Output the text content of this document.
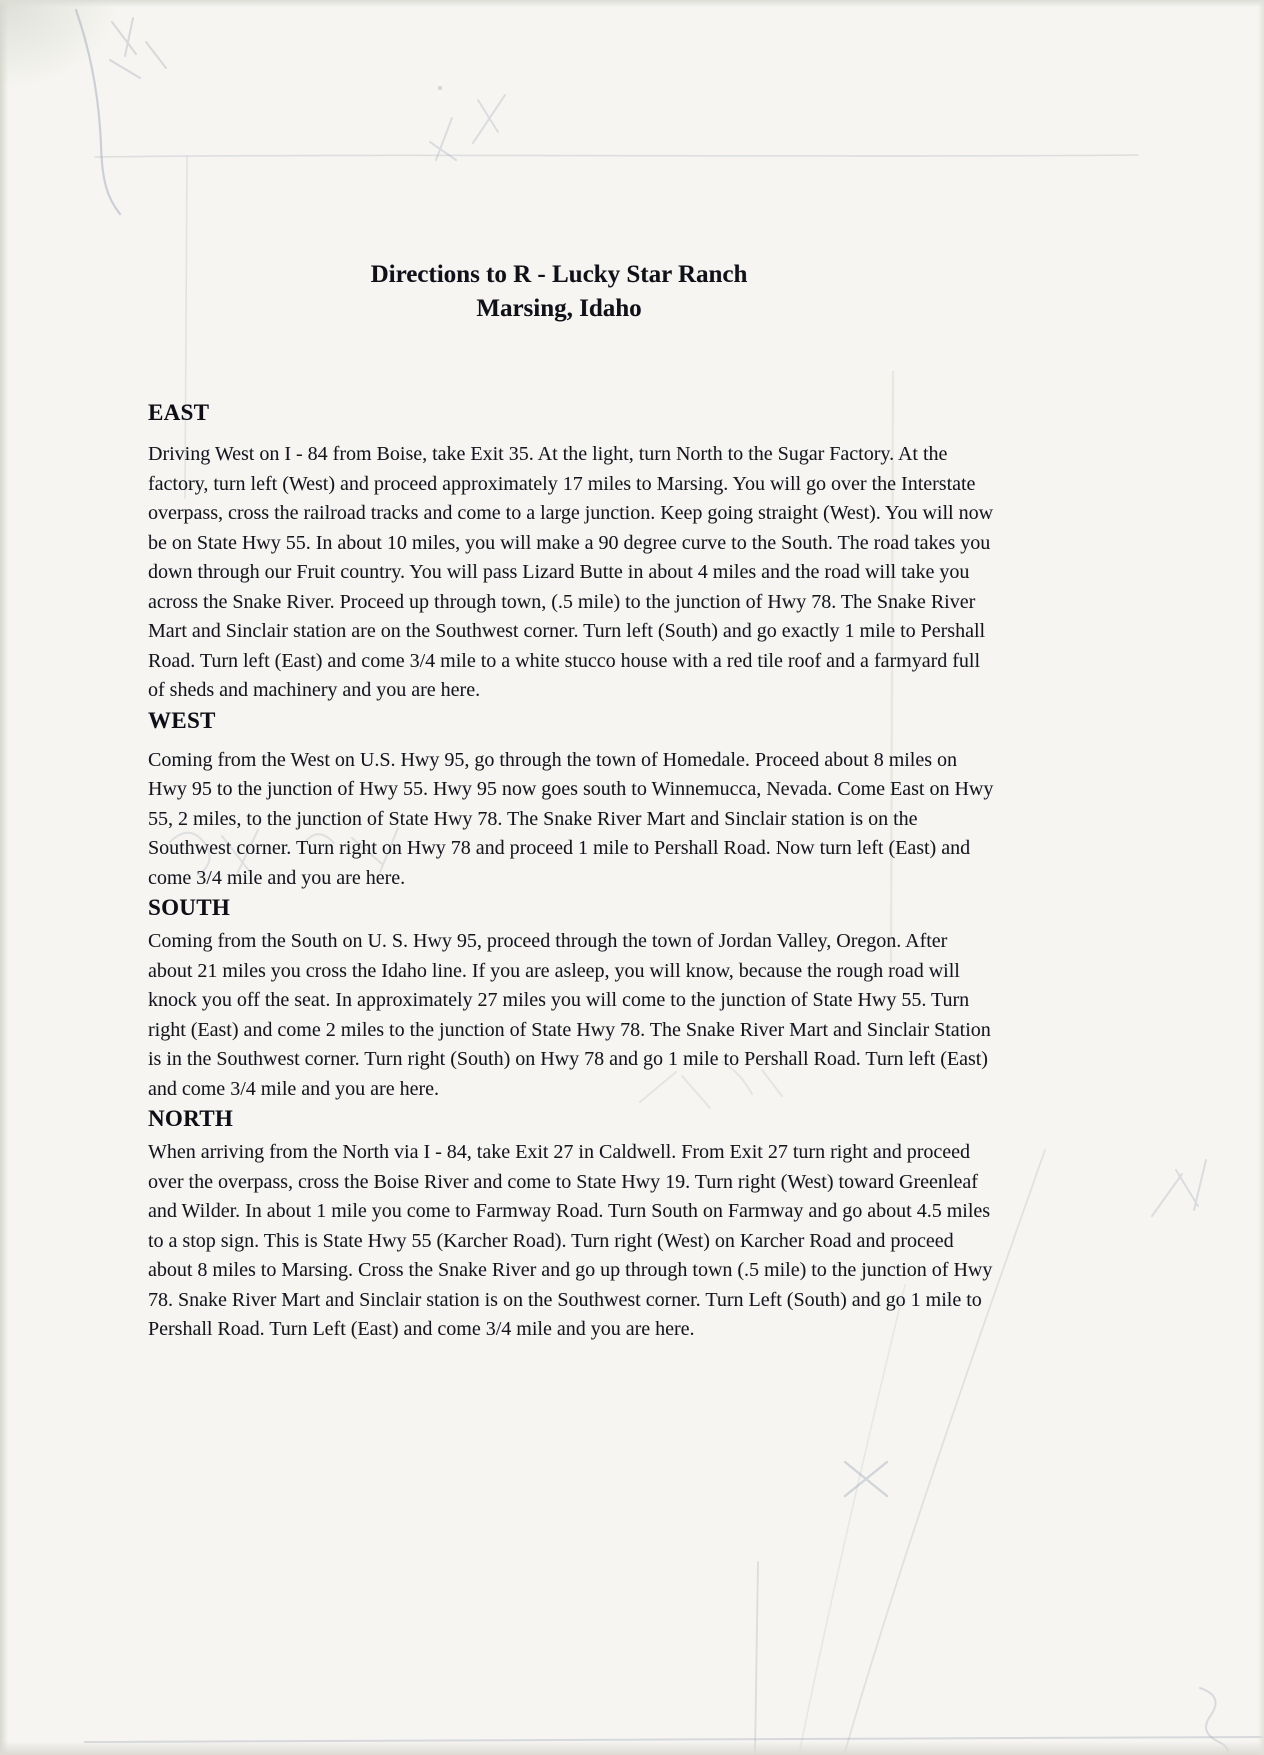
Directions to R - Lucky Star Ranch
Marsing, Idaho
EAST

Driving West on I - 84 from Boise, take Exit 35. At the light, turn North to the Sugar Factory. At the factory, turn left (West) and proceed approximately 17 miles to Marsing. You will go over the Interstate overpass, cross the railroad tracks and come to a large junction. Keep going straight (West). You will now be on State Hwy 55. In about 10 miles, you will make a 90 degree curve to the South. The road takes you down through our Fruit country. You will pass Lizard Butte in about 4 miles and the road will take you across the Snake River. Proceed up through town, (.5 mile) to the junction of Hwy 78. The Snake River Mart and Sinclair station are on the Southwest corner. Turn left (South) and go exactly 1 mile to Pershall Road. Turn left (East) and come 3/4 mile to a white stucco house with a red tile roof and a farmyard full of sheds and machinery and you are here.

WEST

Coming from the West on U.S. Hwy 95, go through the town of Homedale. Proceed about 8 miles on Hwy 95 to the junction of Hwy 55. Hwy 95 now goes south to Winnemucca, Nevada. Come East on Hwy 55, 2 miles, to the junction of State Hwy 78. The Snake River Mart and Sinclair station is on the Southwest corner. Turn right on Hwy 78 and proceed 1 mile to Pershall Road. Now turn left (East) and come 3/4 mile and you are here.

SOUTH

Coming from the South on U. S. Hwy 95, proceed through the town of Jordan Valley, Oregon. After about 21 miles you cross the Idaho line. If you are asleep, you will know, because the rough road will knock you off the seat. In approximately 27 miles you will come to the junction of State Hwy 55. Turn right (East) and come 2 miles to the junction of State Hwy 78. The Snake River Mart and Sinclair Station is in the Southwest corner. Turn right (South) on Hwy 78 and go 1 mile to Pershall Road. Turn left (East) and come 3/4 mile and you are here.

NORTH

When arriving from the North via I - 84, take Exit 27 in Caldwell. From Exit 27 turn right and proceed over the overpass, cross the Boise River and come to State Hwy 19. Turn right (West) toward Greenleaf and Wilder. In about 1 mile you come to Farmway Road. Turn South on Farmway and go about 4.5 miles to a stop sign. This is State Hwy 55 (Karcher Road). Turn right (West) on Karcher Road and proceed about 8 miles to Marsing. Cross the Snake River and go up through town (.5 mile) to the junction of Hwy 78. Snake River Mart and Sinclair station is on the Southwest corner. Turn Left (South) and go 1 mile to Pershall Road. Turn Left (East) and come 3/4 mile and you are here.
